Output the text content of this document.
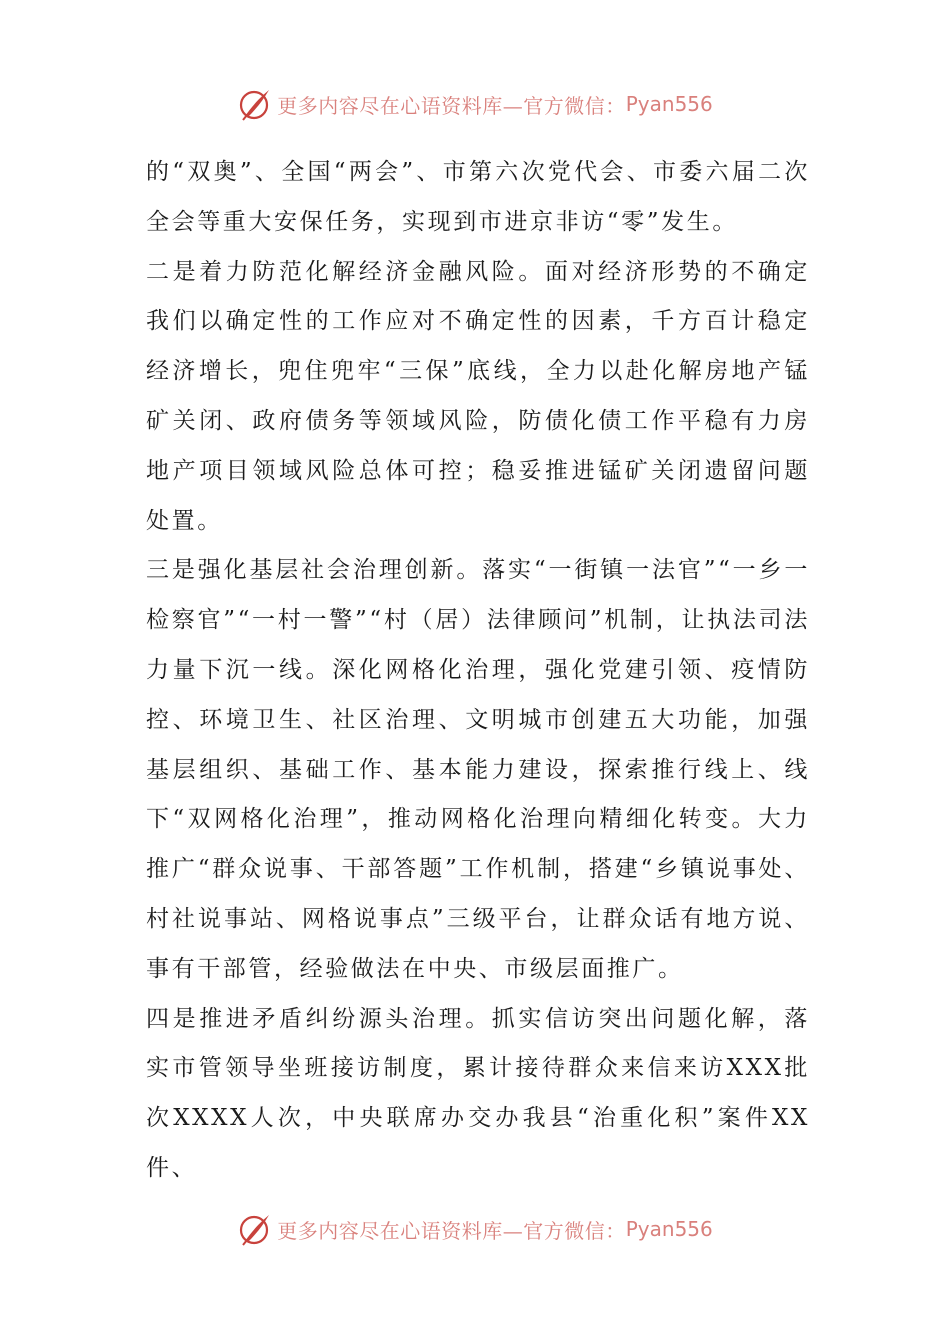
更多内容尽在心语资料库—官方微信： Pyan556

的“双奥”、全国“两会”、市第六次党代会、市委六届二次全会等重大安保任务，实现到市进京非访“零”发生。

二是着力防范化解经济金融风险。面对经济形势的不确定我们以确定性的工作应对不确定性的因素，千方百计稳定经济增长，兜住兜牢“三保”底线，全力以赴化解房地产锰矿关闭、政府债务等领域风险，防债化债工作平稳有力房地产项目领域风险总体可控；稳妥推进锰矿关闭遗留问题处置。

三是强化基层社会治理创新。落实“一街镇一法官”“一乡一检察官”“一村一警”“村（居）法律顾问”机制，让执法司法力量下沉一线。深化网格化治理，强化党建引领、疫情防控、环境卫生、社区治理、文明城市创建五大功能，加强基层组织、基础工作、基本能力建设，探索推行线上、线下“双网格化治理”，推动网格化治理向精细化转变。大力推广“群众说事、干部答题”工作机制，搭建“乡镇说事处、村社说事站、网格说事点”三级平台，让群众话有地方说、事有干部管，经验做法在中央、市级层面推广。

四是推进矛盾纠纷源头治理。抓实信访突出问题化解，落实市管领导坐班接访制度，累计接待群众来信来访XXX批次XXXX人次，中央联席办交办我县“治重化积”案件XX件、

更多内容尽在心语资料库—官方微信： Pyan556
